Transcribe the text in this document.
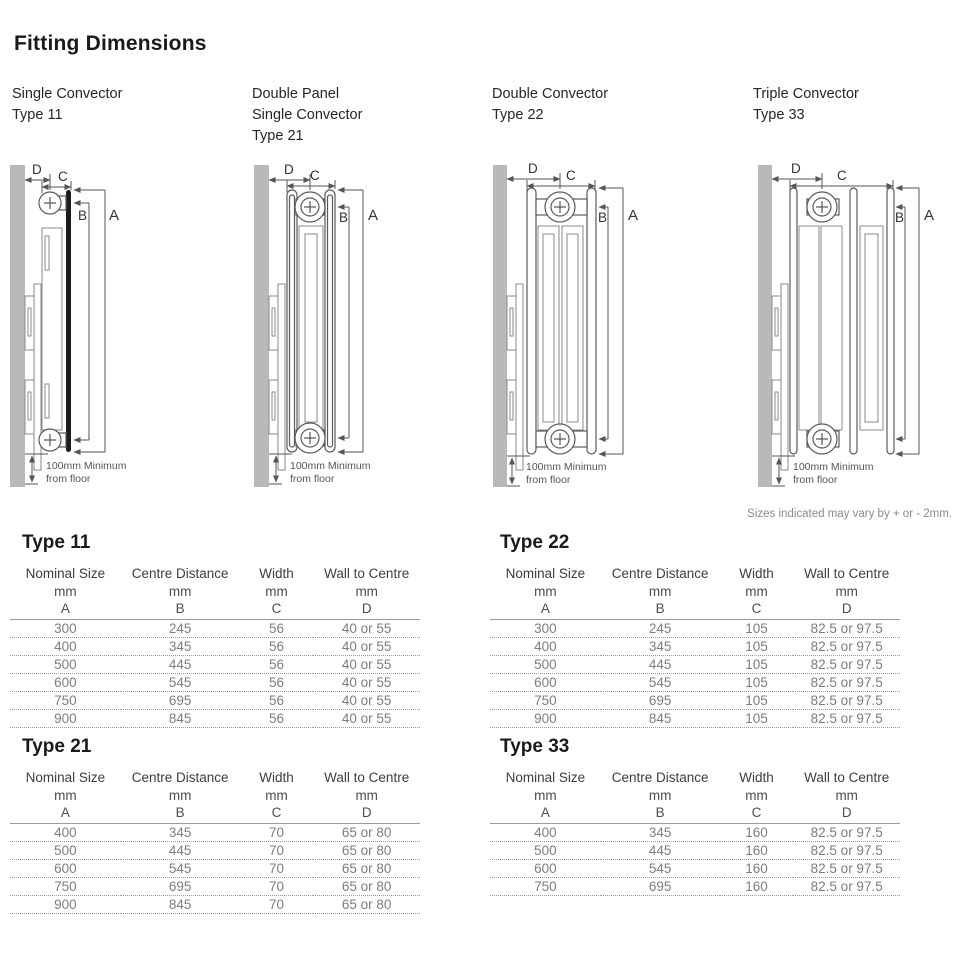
Fitting Dimensions
Single Convector
Type 11
Double Panel
Single Convector
Type 21
Double Convector
Type 22
Triple Convector
Type 33
D C
B A
100mm Minimum
from floor
D C
B A
100mm Minimum
from floor
D C
B A
100mm Minimum
from floor
D	C
B A
100mm Minimum
from floor
Sizes indicated may vary by + or - 2mm.
Type 11
Nominal Size	Centre Distance	Width	Wall to Centre
mm	mm	mm	mm
A	B	C	D
300	245	56	40 or 55
400	345	56	40 or 55
500	445	56	40 or 55
600	545	56	40 or 55
750	695	56	40 or 55
900	845	56	40 or 55
Type 22
Nominal Size	Centre Distance	Width	Wall to Centre
mm	mm	mm	mm
A	B	C	D
300	245	105	82.5 or 97.5
400	345	105	82.5 or 97.5
500	445	105	82.5 or 97.5
600	545	105	82.5 or 97.5
750	695	105	82.5 or 97.5
900	845	105	82.5 or 97.5
Type 21
Nominal Size	Centre Distance	Width	Wall to Centre
mm	mm	mm	mm
A	B	C	D
400	345	70	65 or 80
500	445	70	65 or 80
600	545	70	65 or 80
750	695	70	65 or 80
900	845	70	65 or 80
Type 33
Nominal Size	Centre Distance	Width	Wall to Centre
mm	mm	mm	mm
A	B	C	D
400	345	160	82.5 or 97.5
500	445	160	82.5 or 97.5
600	545	160	82.5 or 97.5
750	695	160	82.5 or 97.5
